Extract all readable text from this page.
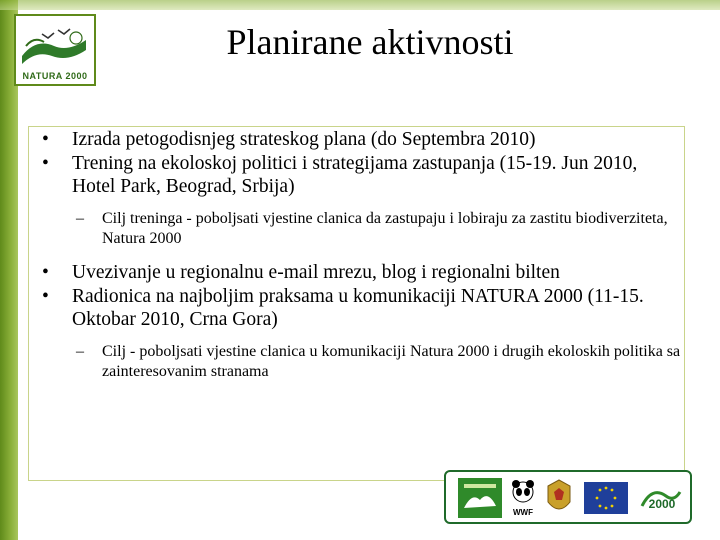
NATURA 2000
Planirane aktivnosti
• Izrada petogodisnjeg strateskog plana (do Septembra 2010)
• Trening na ekoloskoj politici i strategijama zastupanja (15-19. Jun 2010, Hotel Park, Beograd, Srbija)
– Cilj treninga - poboljsati vjestine clanica da zastupaju i lobiraju za zastitu biodiverziteta, Natura 2000
• Uvezivanje u regionalnu e-mail mrezu, blog i regionalni bilten
• Radionica na najboljim praksama u komunikaciji NATURA 2000 (11-15. Oktobar 2010, Crna Gora)
– Cilj - poboljsati vjestine clanica u komunikaciji Natura 2000 i drugih ekoloskih politika sa zainteresovanim stranama
WWF
2000
